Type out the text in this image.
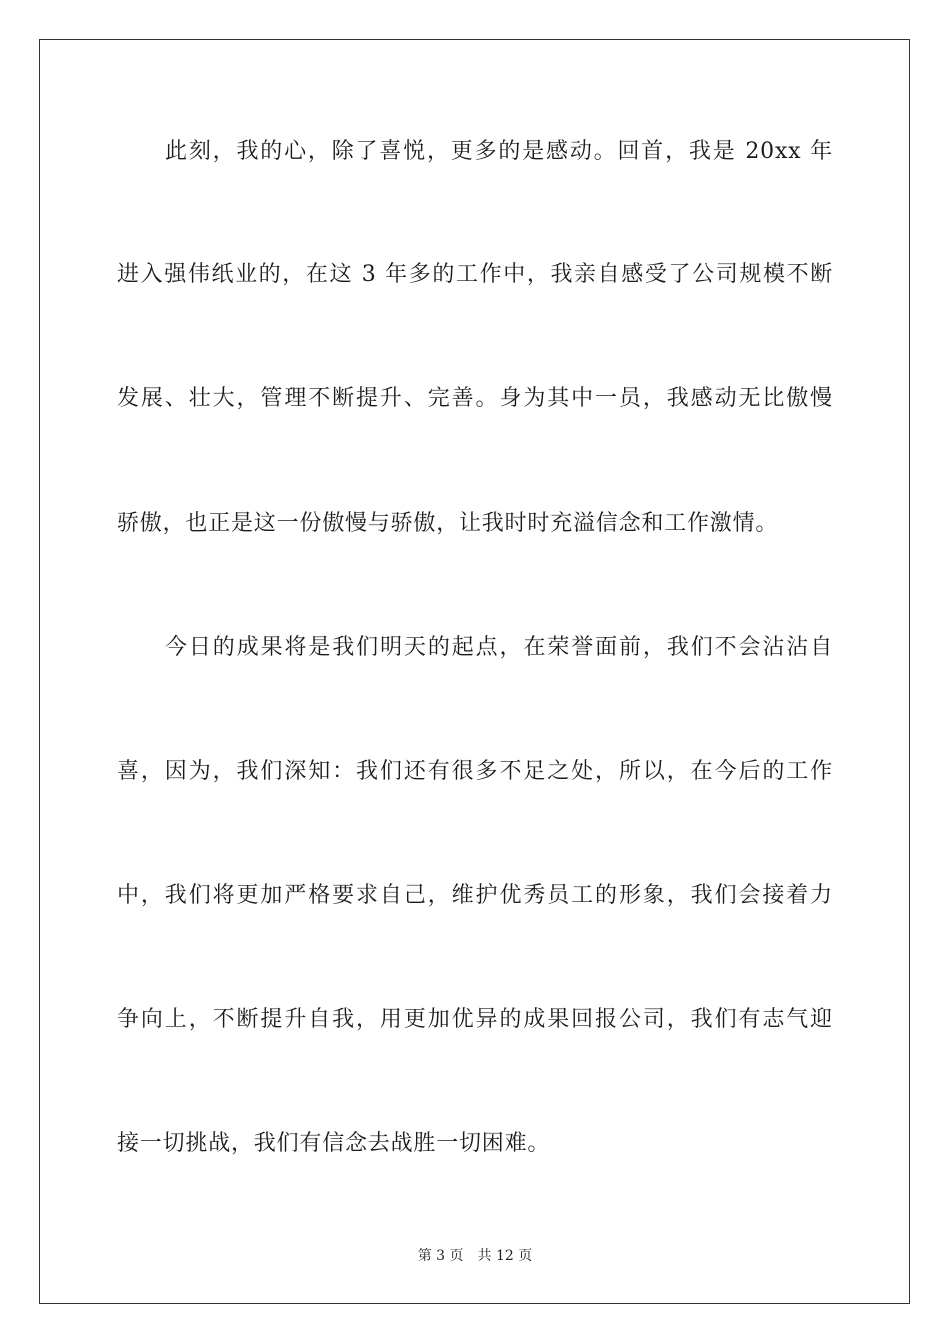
此刻，我的心，除了喜悦，更多的是感动。回首，我是 20xx 年
进入强伟纸业的，在这 3 年多的工作中，我亲自感受了公司规模不断
发展、壮大，管理不断提升、完善。身为其中一员，我感动无比傲慢
骄傲，也正是这一份傲慢与骄傲，让我时时充溢信念和工作激情。
今日的成果将是我们明天的起点，在荣誉面前，我们不会沾沾自
喜，因为，我们深知：我们还有很多不足之处，所以，在今后的工作
中，我们将更加严格要求自己，维护优秀员工的形象，我们会接着力
争向上，不断提升自我，用更加优异的成果回报公司，我们有志气迎
接一切挑战，我们有信念去战胜一切困难。
第 3 页 共 12 页
